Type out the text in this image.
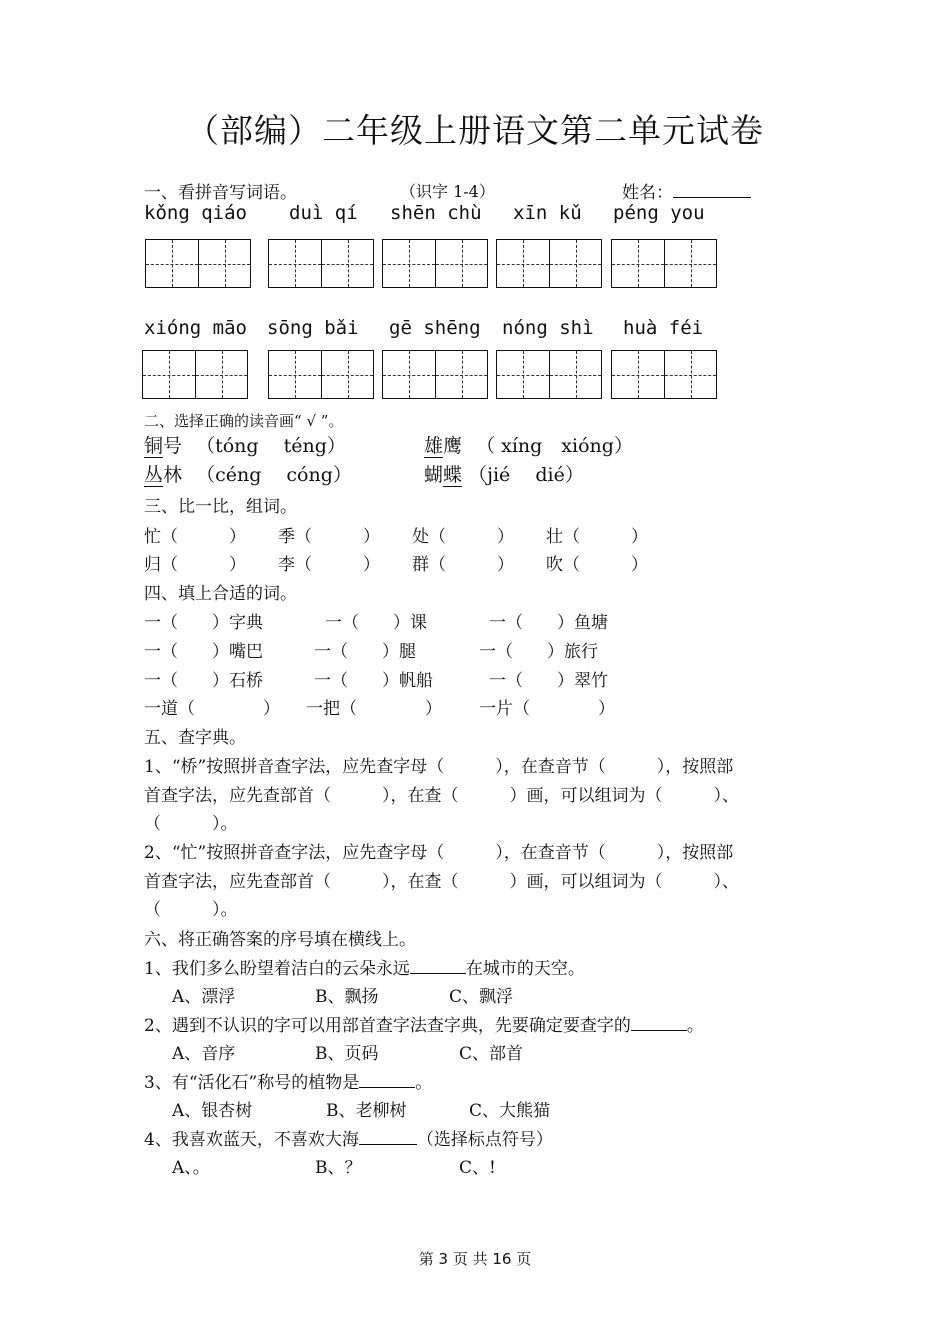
（部编）二年级上册语文第二单元试卷
一、看拼音写词语。	（识字 1-4）	姓名：
kǒng qiáo duì qí shēn chù xīn kǔ péng you
xióng māo sōng bǎi gē shēng nóng shì huà féi
二、选择正确的读音画“ √ ”。
铜号 （tóng　 téng）	雄鹰 （ xíng　xióng）
丛林 （céng　 cóng）	蝴蝶 （jié　 dié）
三、比一比，组词。
忙（　　　） 季（　　　） 处（　　　） 壮（　　　）
归（　　　） 李（　　　） 群（　　　） 吹（　　　）
四、填上合适的词。
一（　　）字典	一（　　）课	一（　　）鱼塘
一（　　）嘴巴	一（　　）腿	一（　　）旅行
一（　　）石桥	一（　　）帆船	一（　　）翠竹
一道（　　　　） 一把（　　　　） 一片（　　　　）
五、查字典。
1、“桥”按照拼音查字法，应先查字母（　　　），在查音节（　　　），按照部
首查字法，应先查部首（　　　），在查（　　　）画，可以组词为（　　　）、
（　　　）。
2、“忙”按照拼音查字法，应先查字母（　　　），在查音节（　　　），按照部
首查字法，应先查部首（　　　），在查（　　　）画，可以组词为（　　　）、
（　　　）。
六、将正确答案的序号填在横线上。
1、我们多么盼望着洁白的云朵永远	在城市的天空。
A、漂浮	B、飘扬	C、飘浮
2、遇到不认识的字可以用部首查字法查字典，先要确定要查字的	。
A、音序	B、页码	C、部首
3、有“活化石”称号的植物是	。
A、银杏树	B、老柳树	C、大熊猫
4、我喜欢蓝天，不喜欢大海	（选择标点符号）
A、。	B、？	C、!
第 3 页 共 16 页
